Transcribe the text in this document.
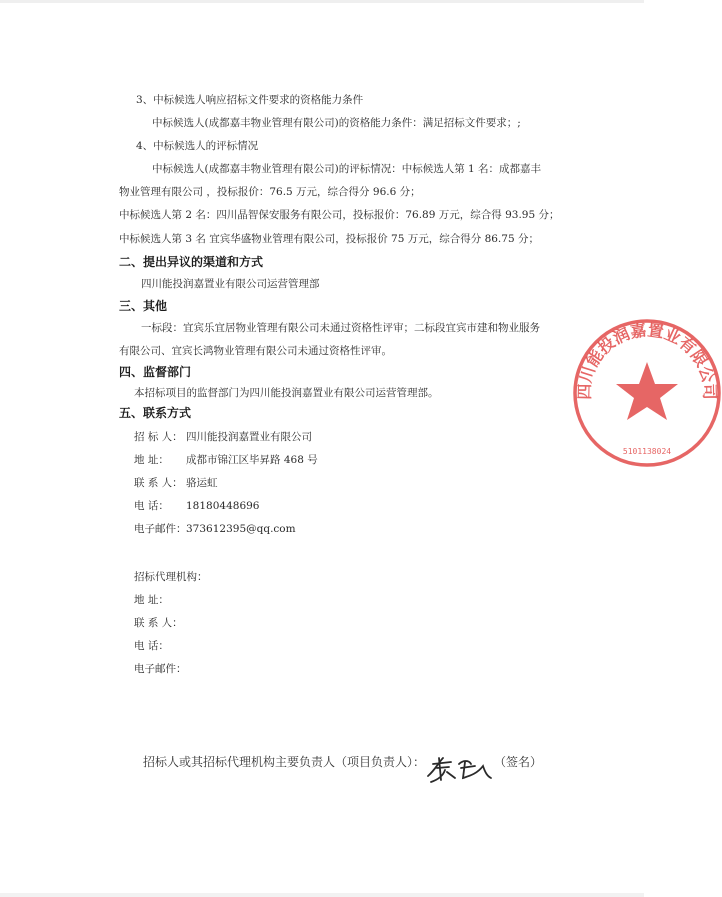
3、中标候选人响应招标文件要求的资格能力条件
中标候选人(成都嘉丰物业管理有限公司)的资格能力条件：满足招标文件要求；;
4、中标候选人的评标情况
中标候选人(成都嘉丰物业管理有限公司)的评标情况：中标候选人第 1 名：成都嘉丰
物业管理有限公司 ，投标报价：76.5 万元，综合得分 96.6 分；
中标候选人第 2 名：四川晶智保安服务有限公司，投标报价：76.89 万元，综合得 93.95 分；
中标候选人第 3 名 宜宾华盛物业管理有限公司，投标报价 75 万元，综合得分 86.75 分；
二、提出异议的渠道和方式
四川能投润嘉置业有限公司运营管理部
三、其他
一标段：宜宾乐宜居物业管理有限公司未通过资格性评审；二标段宜宾市建和物业服务
有限公司、宜宾长鸿物业管理有限公司未通过资格性评审。
四、监督部门
本招标项目的监督部门为四川能投润嘉置业有限公司运营管理部。
五、联系方式
招 标 人： 四川能投润嘉置业有限公司
地 址： 成都市锦江区毕昇路 468 号
联 系 人： 骆运虹
电 话： 18180448696
电子邮件：373612395@qq.com
招标代理机构：
地 址：
联 系 人：
电 话：
电子邮件：
招标人或其招标代理机构主要负责人（项目负责人）：	（签名）
四川能投润嘉置业有限公司
5101138024
